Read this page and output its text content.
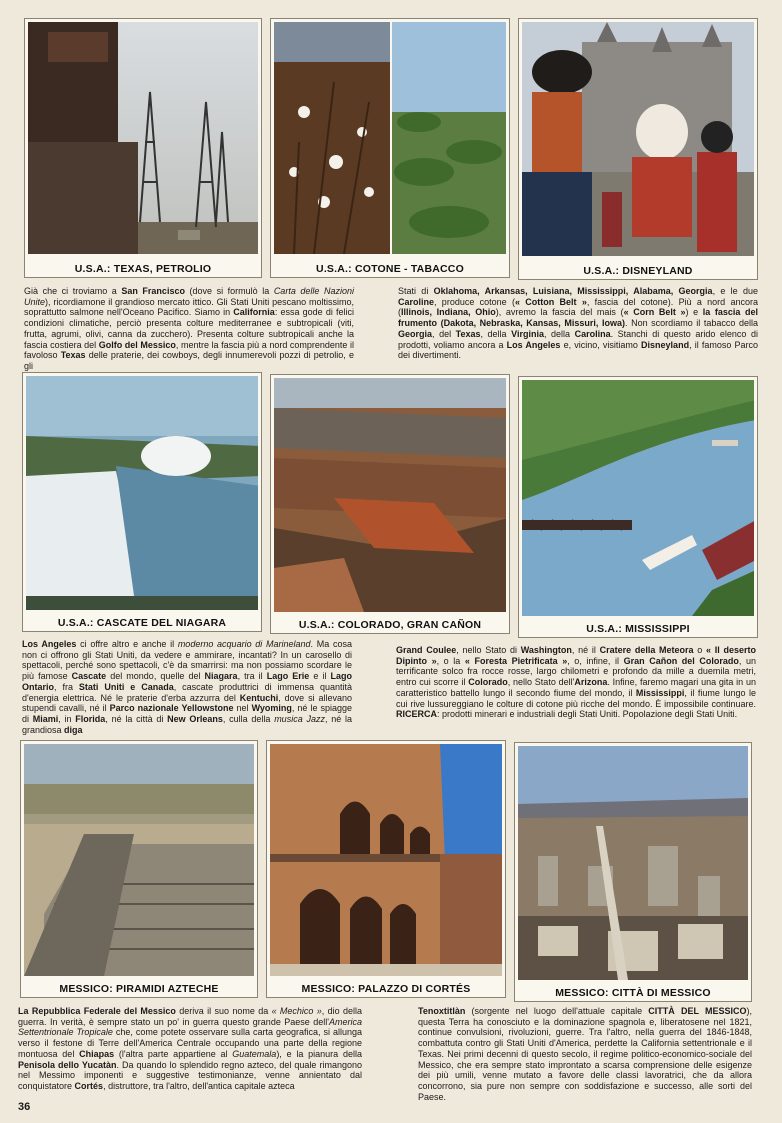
U.S.A.: TEXAS, PETROLIO	U.S.A.: COTONE - TABACCO	U.S.A.: DISNEYLAND

Già che ci troviamo a San Francisco (dove si formulò la Carta delle Nazioni Unite), ricordiamone il grandioso mercato ittico. Gli Stati Uniti pescano moltissimo, soprattutto salmone nell'Oceano Pacifico. Siamo in California: essa gode di felici condizioni climatiche, perciò presenta colture mediterranee e subtropicali (viti, frutta, agrumi, olivi, canna da zucchero). Presenta colture subtropicali anche la fascia costiera del Golfo del Messico, mentre la fascia più a nord comprendente il favoloso Texas delle praterie, dei cowboys, degli innumerevoli pozzi di petrolio, e gli

Stati di Oklahoma, Arkansas, Luisiana, Mississippi, Alabama, Georgia, e le due Caroline, produce cotone (« Cotton Belt », fascia del cotone). Più a nord ancora (Illinois, Indiana, Ohio), avremo la fascia del mais (« Corn Belt ») e la fascia del frumento (Dakota, Nebraska, Kansas, Missuri, Iowa). Non scordiamo il tabacco della Georgia, del Texas, della Virginia, della Carolina. Stanchi di questo arido elenco di prodotti, voliamo ancora a Los Angeles e, vicino, visitiamo Disneyland, il famoso Parco dei divertimenti.

U.S.A.: CASCATE DEL NIAGARA	U.S.A.: COLORADO, GRAN CAÑON	U.S.A.: MISSISSIPPI

Los Angeles ci offre altro e anche il moderno acquario di Marineland. Ma cosa non ci offrono gli Stati Uniti, da vedere e ammirare, incantati? In un carosello di spettacoli, perché sono spettacoli, c'è da smarrirsi: ma non possiamo scordare le più famose Cascate del mondo, quelle del Niagara, tra il Lago Erie e il Lago Ontario, fra Stati Uniti e Canada, cascate produttrici di immensa quantità d'energia elettrica. Né le praterie d'erba azzurra del Kentuchi, dove si allevano stupendi cavalli, né il Parco nazionale Yellowstone nel Wyoming, né le spiagge di Miami, in Florida, né la città di New Orleans, culla della musica Jazz, né la grandiosa diga

Grand Coulee, nello Stato di Washington, né il Cratere della Meteora o « Il deserto Dipinto », o la « Foresta Pietrificata », o, infine, il Gran Cañon del Colorado, un terrificante solco fra rocce rosse, largo chilometri e profondo da mille a duemila metri, entro cui scorre il Colorado, nello Stato dell'Arizona. Infine, faremo magari una gita in un caratteristico battello lungo il secondo fiume del mondo, il Mississippi, il fiume lungo le cui rive lussureggiano le colture di cotone più ricche del mondo. È impossibile continuare. RICERCA: prodotti minerari e industriali degli Stati Uniti. Popolazione degli Stati Uniti.

MESSICO: PIRAMIDI AZTECHE	MESSICO: PALAZZO DI CORTÉS	MESSICO: CITTÀ DI MESSICO

La Repubblica Federale del Messico deriva il suo nome da « Mechico », dio della guerra. In verità, è sempre stato un po' in guerra questo grande Paese dell'America Settentrionale Tropicale che, come potete osservare sulla carta geografica, si allunga verso il festone di Terre dell'America Centrale occupando una parte della regione montuosa del Chiapas (l'altra parte appartiene al Guatemala), e la pianura della Penisola dello Yucatàn. Da quando lo splendido regno azteco, del quale rimangono nel Messimo imponenti e suggestive testimonianze, venne annientato dal conquistatore Cortés, distruttore, tra l'altro, dell'antica capitale azteca

Tenoxtitlàn (sorgente nel luogo dell'attuale capitale CITTÀ DEL MESSICO), questa Terra ha conosciuto e la dominazione spagnola e, liberatosene nel 1821, continue convulsioni, rivoluzioni, guerre. Tra l'altro, nella guerra del 1846-1848, combattuta contro gli Stati Uniti d'America, perdette la California settentrionale e il Texas. Nei primi decenni di questo secolo, il regime politico-economico-sociale del Messico, che era sempre stato improntato a scarsa comprensione delle esigenze dei più umili, venne mutato a favore delle classi lavoratrici, che da allora concorrono, sia pure non sempre con soddisfazione e successo, alle sorti del Paese.

36
